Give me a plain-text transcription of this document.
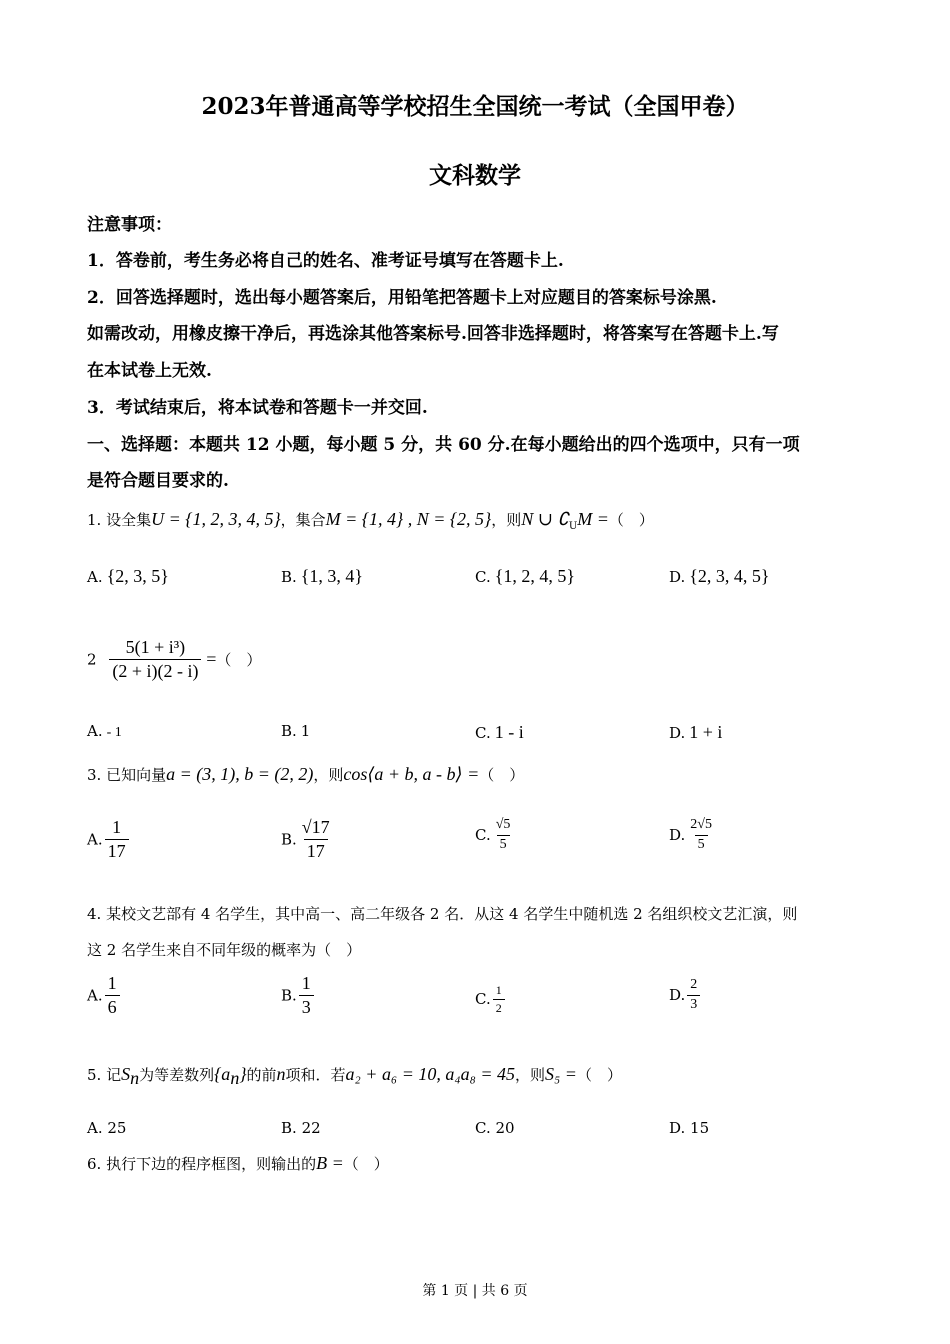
2023年普通高等学校招生全国统一考试（全国甲卷）
文科数学
注意事项：
1．答卷前，考生务必将自己的姓名、准考证号填写在答题卡上.
2．回答选择题时，选出每小题答案后，用铅笔把答题卡上对应题目的答案标号涂黑.
如需改动，用橡皮擦干净后，再选涂其他答案标号.回答非选择题时，将答案写在答题卡上.写
在本试卷上无效.
3．考试结束后，将本试卷和答题卡一并交回.
一、选择题：本题共 12 小题，每小题 5 分，共 60 分.在每小题给出的四个选项中，只有一项
是符合题目要求的.
1. 设全集U = {1, 2, 3, 4, 5}，集合M = {1, 4} , N = {2, 5}，则N ∪ $∁_UM$ =（　）
A. {2, 3, 5}	B. {1, 3, 4}	C. {1, 2, 4, 5}	D. {2, 3, 4, 5}
$2 \frac{\text{5(1 + i³)}}{(2 + i)(2 - i)}$ =（　）
A. - 1	B. 1	C. 1 - i	D. 1 + i
3. 已知向量a = (3, 1), b = (2, 2)，则cos⟨a + b, a - b⟩ =（　）
A. $\frac{1}{17}$	B. $\frac{√17}{17}$	C. $\frac{√5}{5}$	D. $\frac{2√5}{5}$
4. 某校文艺部有 4 名学生，其中高一、高二年级各 2 名．从这 4 名学生中随机选 2 名组织校文艺汇演，则
这 2 名学生来自不同年级的概率为（　）
A. $\frac{1}{6}$	B. $\frac{1}{3}$	C. $\frac{1}{2}$	D. $\frac{2}{3}$
5. 记$S_n$为等差数列$\{a_n\}$的前n项和．若a₂ + a₆ = 10, a₄a₈ = 45，则S₅ =（　）
A. 25	B. 22	C. 20	D. 15
6. 执行下边的程序框图，则输出的B =（　）
第 1 页 | 共 6 页
